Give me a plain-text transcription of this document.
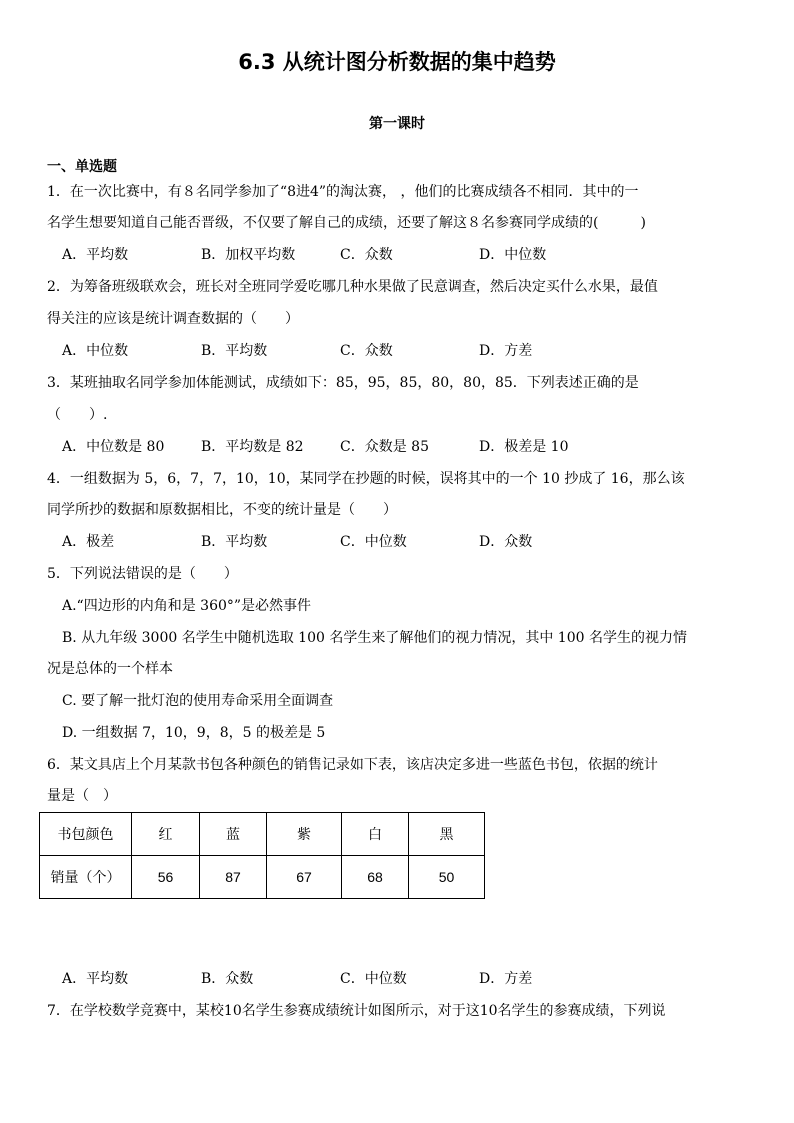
6.3 从统计图分析数据的集中趋势
第一课时
一、单选题
1．在一次比赛中，有８名同学参加了“8进4”的淘汰赛， ，他们的比赛成绩各不相同．其中的一
名学生想要知道自己能否晋级，不仅要了解自己的成绩，还要了解这８名参赛同学成绩的(　　　)
A．平均数	B．加权平均数	C．众数	D．中位数
2．为筹备班级联欢会，班长对全班同学爱吃哪几种水果做了民意调查，然后决定买什么水果，最值
得关注的应该是统计调查数据的（　　）
A．中位数	B．平均数	C．众数	D．方差
3．某班抽取名同学参加体能测试，成绩如下：85，95，85，80，80，85．下列表述正确的是
（　　）.
A．中位数是 80	B．平均数是 82	C．众数是 85	D．极差是 10
4．一组数据为 5，6，7，7，10，10，某同学在抄题的时候，误将其中的一个 10 抄成了 16，那么该
同学所抄的数据和原数据相比，不变的统计量是（　　）
A．极差	B．平均数	C．中位数	D．众数
5．下列说法错误的是（　　）
A.“四边形的内角和是 360°”是必然事件
B. 从九年级 3000 名学生中随机选取 100 名学生来了解他们的视力情况，其中 100 名学生的视力情
况是总体的一个样本
C. 要了解一批灯泡的使用寿命采用全面调查
D. 一组数据 7，10，9，8，5 的极差是 5
6．某文具店上个月某款书包各种颜色的销售记录如下表，该店决定多进一些蓝色书包，依据的统计
量是（　）
书包颜色	红	蓝	紫	白	黑
销量（个）	56	87	67	68	50
A．平均数	B．众数	C．中位数	D．方差
7．在学校数学竞赛中，某校10名学生参赛成绩统计如图所示，对于这10名学生的参赛成绩，下列说
